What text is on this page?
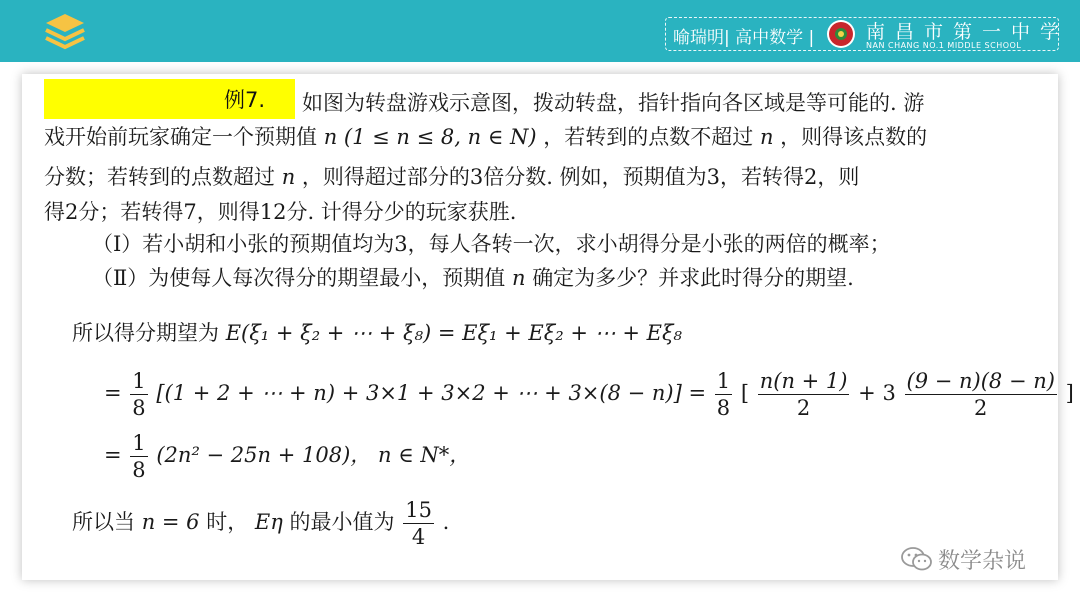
喻瑞明| 高中数学 |	南昌市第一中学
NAN CHANG NO.1 MIDDLE SCHOOL
例7. 如图为转盘游戏示意图，拨动转盘，指针指向各区域是等可能的. 游
戏开始前玩家确定一个预期值 n (1 ≤ n ≤ 8, n ∈ N) ，若转到的点数不超过 n ，则得该点数的
分数；若转到的点数超过 n ，则得超过部分的3倍分数. 例如，预期值为3，若转得2，则
得2分；若转得7，则得12分. 计得分少的玩家获胜.
（Ⅰ）若小胡和小张的预期值均为3，每人各转一次，求小胡得分是小张的两倍的概率；
（Ⅱ）为使每人每次得分的期望最小，预期值 n 确定为多少？并求此时得分的期望.
所以得分期望为 E(ξ₁ + ξ₂ + ⋯ + ξ₈) = Eξ₁ + Eξ₂ + ⋯ + Eξ₈
= $\frac{1}{8} [(1 + 2$ + ⋯ + n) + 3×1 + 3×2 + ⋯ + $3\times(8 - n)] = \frac{1}{8}$ [ $\frac{n(n + 1)}{2} + 3 \frac{(9 - n)(8 - n)}{2}$ ]
= $\frac{1}{8} (2n^2 - 25n + 108)$， n ∈ N*，
所以当 n = 6 时， Eη 的最小值为 $\frac{15}{4}$ .
数学杂说
